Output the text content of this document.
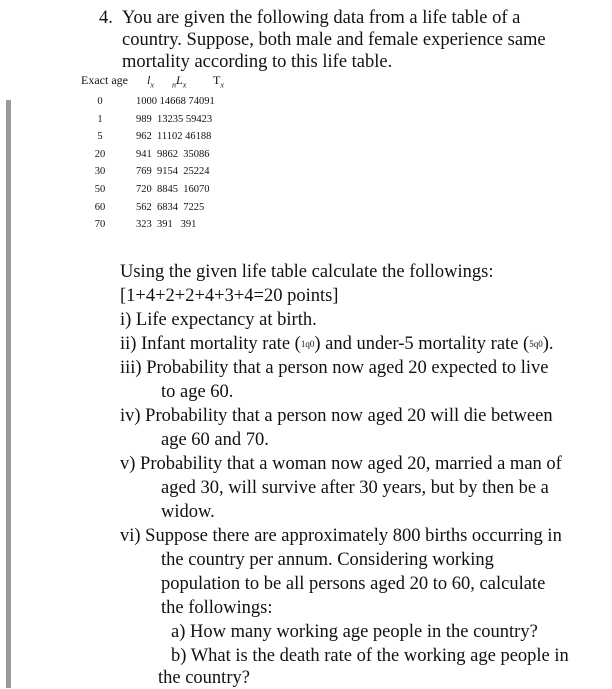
4. You are given the following data from a life table of a
country. Suppose, both male and female experience same
mortality according to this life table.
Exact age $l_x$ $_nL_x$ $T_x$
0
1
5
20
30
50
60
70
1000 14668 74091
989 13235 59423
962 11102 46188
941 9862 35086
769 9154 25224
720 8845 16070
562 6834 7225
323 391 391
Using the given life table calculate the followings:
[1+4+2+2+4+3+4=20 points]
i) Life expectancy at birth.
ii) Infant mortality rate (1q0) and under-5 mortality rate (5q0).
iii) Probability that a person now aged 20 expected to live
to age 60.
iv) Probability that a person now aged 20 will die between
age 60 and 70.
v) Probability that a woman now aged 20, married a man of
aged 30, will survive after 30 years, but by then be a
widow.
vi) Suppose there are approximately 800 births occurring in
the country per annum. Considering working
population to be all persons aged 20 to 60, calculate
the followings:
a) How many working age people in the country?
b) What is the death rate of the working age people in
the country?
